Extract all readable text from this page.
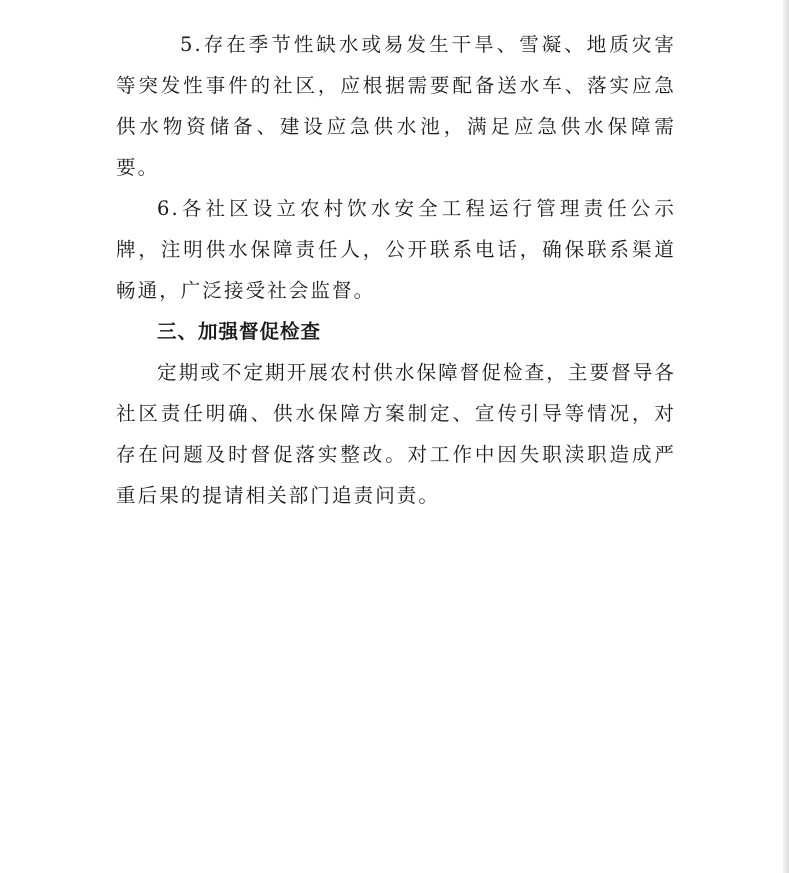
5.存在季节性缺水或易发生干旱、雪凝、地质灾害等突发性事件的社区，应根据需要配备送水车、落实应急供水物资储备、建设应急供水池，满足应急供水保障需要。

6.各社区设立农村饮水安全工程运行管理责任公示牌，注明供水保障责任人，公开联系电话，确保联系渠道畅通，广泛接受社会监督。

三、加强督促检查

定期或不定期开展农村供水保障督促检查，主要督导各社区责任明确、供水保障方案制定、宣传引导等情况，对存在问题及时督促落实整改。对工作中因失职渎职造成严重后果的提请相关部门追责问责。
